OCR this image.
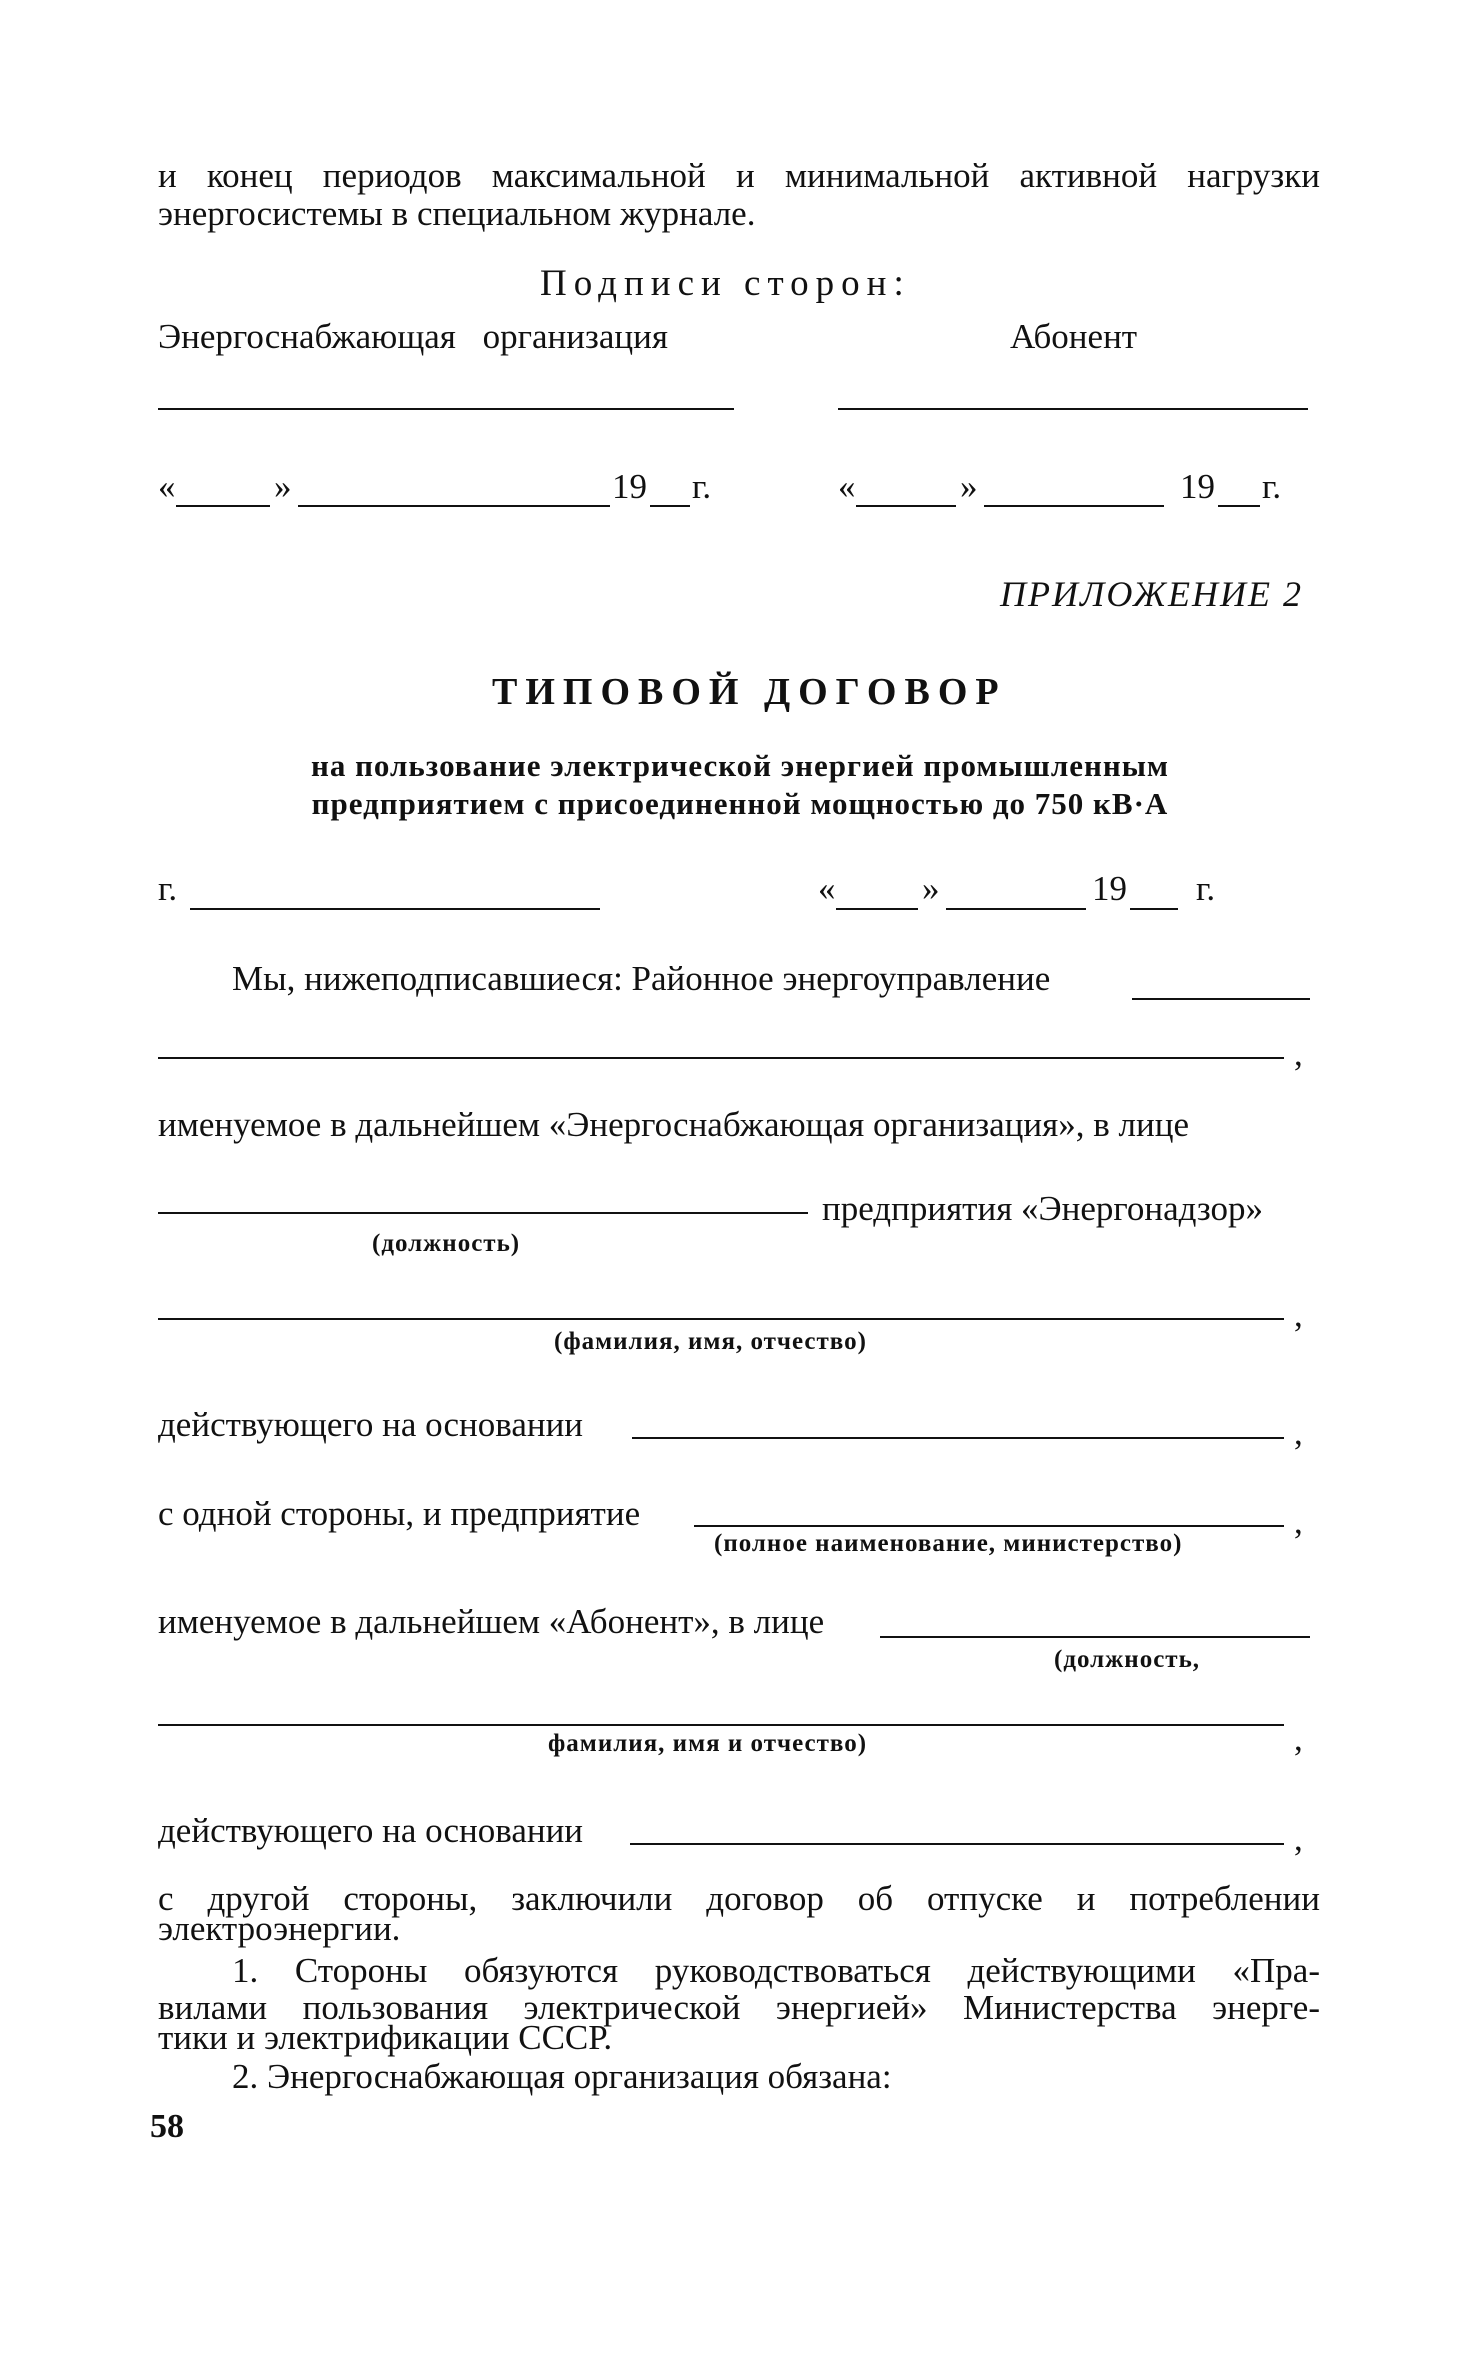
и конец периодов максимальной и минимальной активной нагрузки
энергосистемы в специальном журнале.
Подписи сторон:
Энергоснабжающая организация	Абонент
«	»	19 г.	«	»	19 г.
ПРИЛОЖЕНИЕ 2
ТИПОВОЙ ДОГОВОР
на пользование электрической энергией промышленным
предприятием с присоединенной мощностью до 750 кВ·А
г.	« »	19 г.
Мы, нижеподписавшиеся: Районное энергоуправление
,
именуемое в дальнейшем «Энергоснабжающая организация», в лице
предприятия «Энергонадзор»
(должность)
,
(фамилия, имя, отчество)
действующего на основании	,
с одной стороны, и предприятие	,
(полное наименование, министерство)
именуемое в дальнейшем «Абонент», в лице
(должность,
,
фамилия, имя и отчество)
действующего на основании	,
с другой стороны, заключили договор об отпуске и потреблении
электроэнергии.
1. Стороны обязуются руководствоваться действующими «Пра-
вилами пользования электрической энергией» Министерства энерге-
тики и электрификации СССР.
2. Энергоснабжающая организация обязана:
58
